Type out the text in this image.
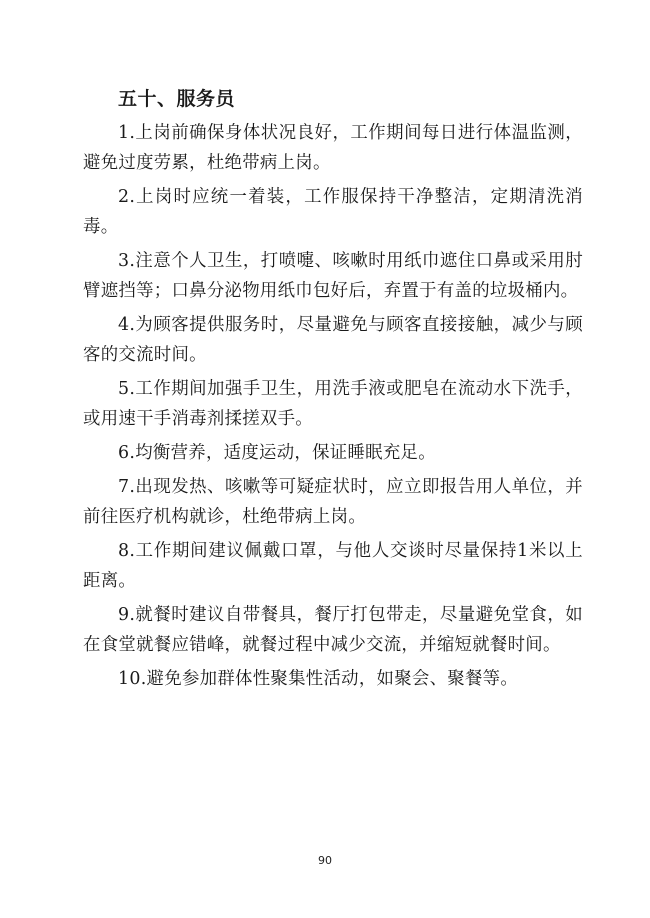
五十、服务员

1.上岗前确保身体状况良好，工作期间每日进行体温监测，避免过度劳累，杜绝带病上岗。

2.上岗时应统一着装，工作服保持干净整洁，定期清洗消毒。

3.注意个人卫生，打喷嚏、咳嗽时用纸巾遮住口鼻或采用肘臂遮挡等；口鼻分泌物用纸巾包好后，弃置于有盖的垃圾桶内。

4.为顾客提供服务时，尽量避免与顾客直接接触，减少与顾客的交流时间。

5.工作期间加强手卫生，用洗手液或肥皂在流动水下洗手，或用速干手消毒剂揉搓双手。

6.均衡营养，适度运动，保证睡眠充足。

7.出现发热、咳嗽等可疑症状时，应立即报告用人单位，并前往医疗机构就诊，杜绝带病上岗。

8.工作期间建议佩戴口罩，与他人交谈时尽量保持1米以上距离。

9.就餐时建议自带餐具，餐厅打包带走，尽量避免堂食，如在食堂就餐应错峰，就餐过程中减少交流，并缩短就餐时间。

10.避免参加群体性聚集性活动，如聚会、聚餐等。

90
